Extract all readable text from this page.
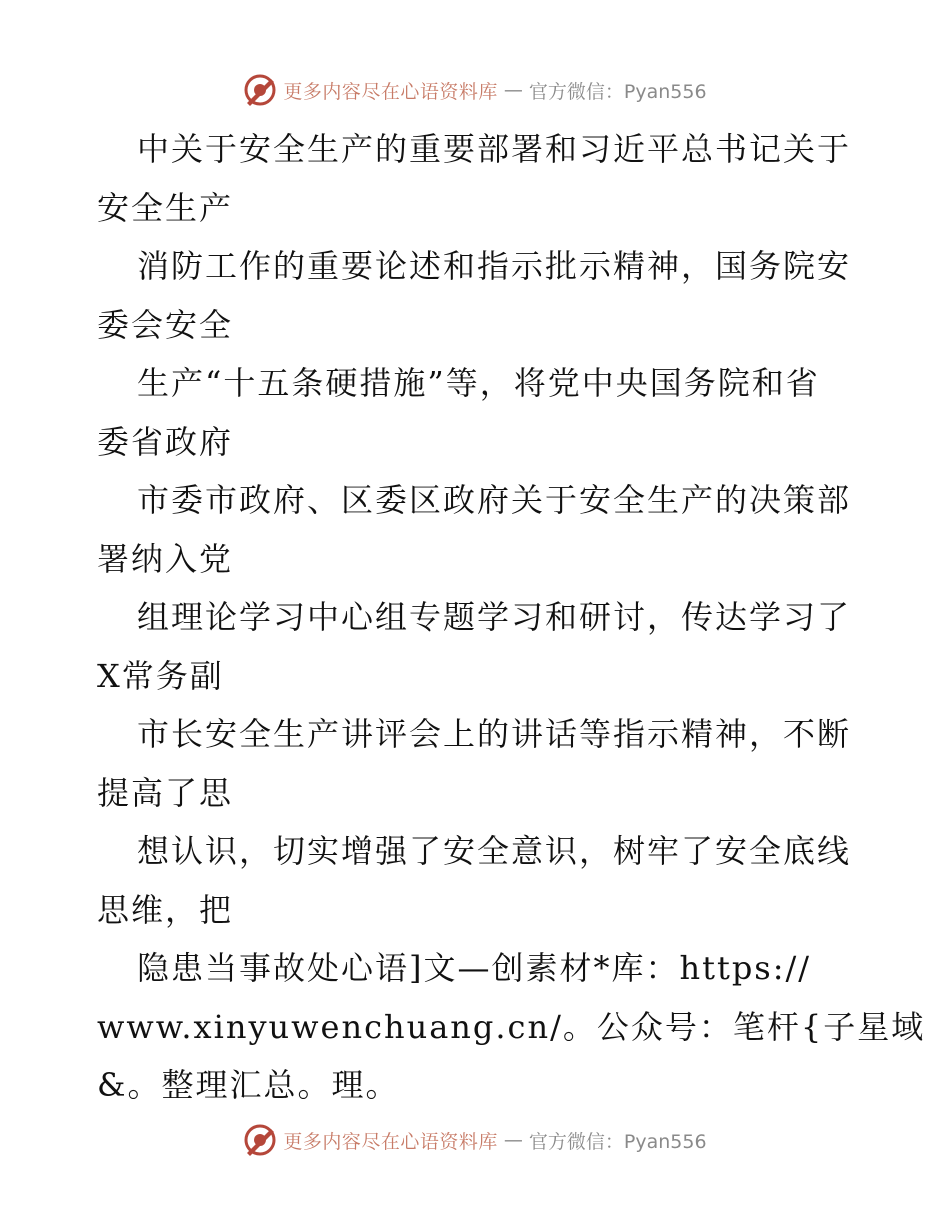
更多内容尽在心语资料库 — 官方微信：Pyan556
中关于安全生产的重要部署和习近平总书记关于
安全生产
消防工作的重要论述和指示批示精神，国务院安
委会安全
生产“十五条硬措施”等，将党中央国务院和省
委省政府
市委市政府、区委区政府关于安全生产的决策部
署纳入党
组理论学习中心组专题学习和研讨，传达学习了
X常务副
市长安全生产讲评会上的讲话等指示精神，不断
提高了思
想认识，切实增强了安全意识，树牢了安全底线
思维，把
隐患当事故处心语]文—创素材*库：https://
www.xinyuwenchuang.cn/。公众号：笔杆{子星域
&。整理汇总。理。
更多内容尽在心语资料库 — 官方微信：Pyan556
